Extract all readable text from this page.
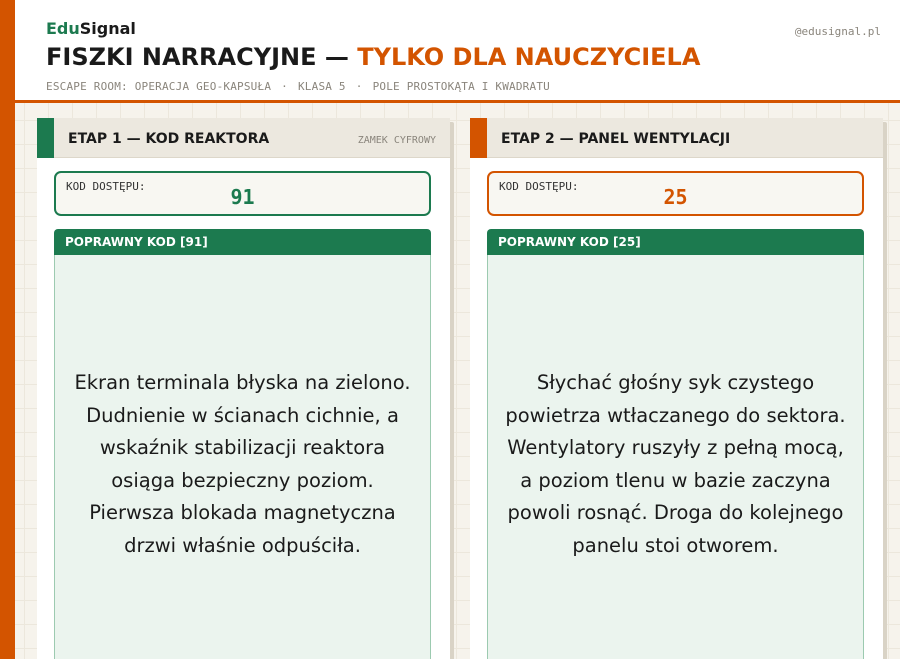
EduSignal	@edusignal.pl
FISZKI NARRACYJNE — TYLKO DLA NAUCZYCIELA
ESCAPE ROOM: OPERACJA GEO-KAPSUŁA · KLASA 5 · POLE PROSTOKĄTA I KWADRATU
ETAP 1 — KOD REAKTORA	ZAMEK CYFROWY
KOD DOSTĘPU:	91
POPRAWNY KOD [91]

Ekran terminala błyska na zielono. Dudnienie w ścianach cichnie, a wskaźnik stabilizacji reaktora osiąga bezpieczny poziom. Pierwsza blokada magnetyczna drzwi właśnie odpuściła.

ETAP 2 — PANEL WENTYLACJI
KOD DOSTĘPU:	25
POPRAWNY KOD [25]

Słychać głośny syk czystego powietrza wtłaczanego do sektora. Wentylatory ruszyły z pełną mocą, a poziom tlenu w bazie zaczyna powoli rosnąć. Droga do kolejnego panelu stoi otworem.
